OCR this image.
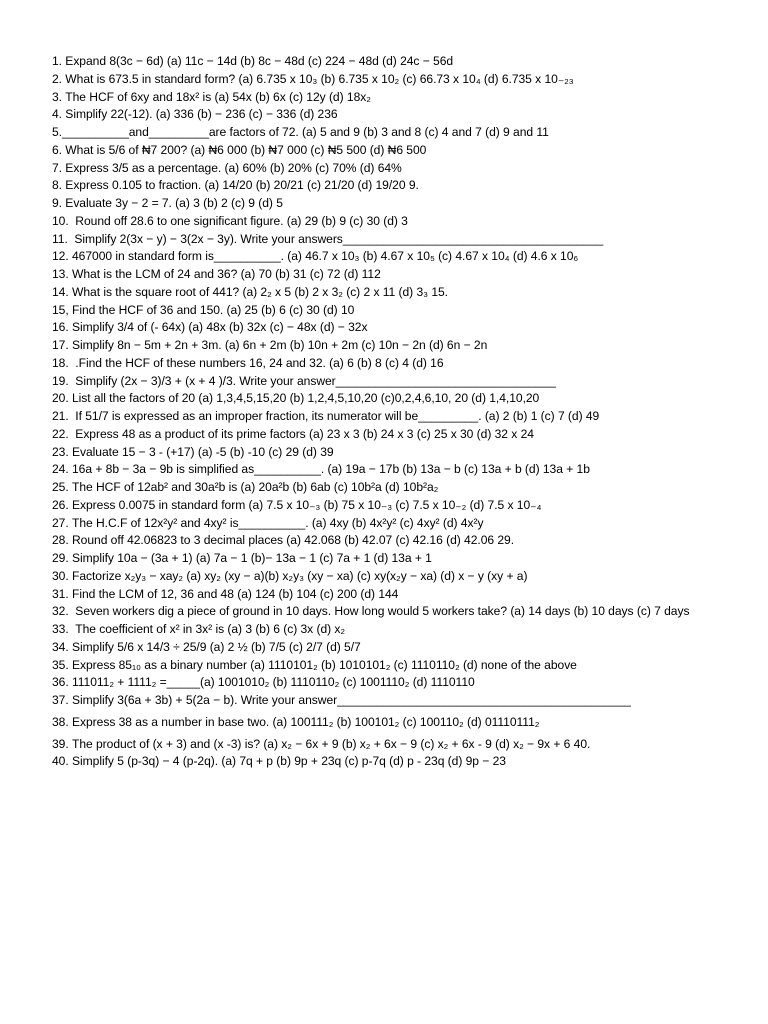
1. Expand 8(3c − 6d) (a) 11c − 14d (b) 8c − 48d (c) 224 − 48d (d) 24c − 56d
2. What is 673.5 in standard form? (a) 6.735 x 10₃ (b) 6.735 x 10₂ (c) 66.73 x 10₄ (d) 6.735 x 10₋₂₃
3. The HCF of 6xy and 18x² is (a) 54x (b) 6x (c) 12y (d) 18x₂
4. Simplify 22(-12). (a) 336 (b) − 236 (c) − 336 (d) 236
5. __________and_________are factors of 72. (a) 5 and 9 (b) 3 and 8 (c) 4 and 7 (d) 9 and 11
6. What is 5/6 of ₦7 200? (a) ₦6 000 (b) ₦7 000 (c) ₦5 500 (d) ₦6 500
7. Express 3/5 as a percentage. (a) 60% (b) 20% (c) 70% (d) 64%
8. Express 0.105 to fraction. (a) 14/20 (b) 20/21 (c) 21/20 (d) 19/20 9.
9. Evaluate 3y − 2 = 7. (a) 3 (b) 2 (c) 9 (d) 5
10. Round off 28.6 to one significant figure. (a) 29 (b) 9 (c) 30 (d) 3
11. Simplify 2(3x − y) − 3(2x − 3y). Write your answers_______________________________________
12. 467000 in standard form is__________. (a) 46.7 x 10₃ (b) 4.67 x 10₅ (c) 4.67 x 10₄ (d) 4.6 x 10₆
13. What is the LCM of 24 and 36? (a) 70 (b) 31 (c) 72 (d) 112
14. What is the square root of 441? (a) 2₂ x 5 (b) 2 x 3₂ (c) 2 x 11 (d) 3₃ 15.
15, Find the HCF of 36 and 150. (a) 25 (b) 6 (c) 30 (d) 10
16. Simplify 3/4 of (- 64x) (a) 48x (b) 32x (c) − 48x (d) − 32x
17. Simplify 8n − 5m + 2n + 3m. (a) 6n + 2m (b) 10n + 2m (c) 10n − 2n (d) 6n − 2n
18. .Find the HCF of these numbers 16, 24 and 32. (a) 6 (b) 8 (c) 4 (d) 16
19. Simplify (2x − 3)/3 + (x + 4 )/3. Write your answer_________________________________
20. List all the factors of 20 (a) 1,3,4,5,15,20 (b) 1,2,4,5,10,20 (c)0,2,4,6,10, 20 (d) 1,4,10,20
21. If 51/7 is expressed as an improper fraction, its numerator will be_________. (a) 2 (b) 1 (c) 7 (d) 49
22. Express 48 as a product of its prime factors (a) 23 x 3 (b) 24 x 3 (c) 25 x 30 (d) 32 x 24
23. Evaluate 15 − 3 - (+17) (a) -5 (b) -10 (c) 29 (d) 39
24. 16a + 8b − 3a − 9b is simplified as__________. (a) 19a − 17b (b) 13a − b (c) 13a + b (d) 13a + 1b
25. The HCF of 12ab² and 30a²b is (a) 20a²b (b) 6ab (c) 10b²a (d) 10b²a₂
26. Express 0.0075 in standard form (a) 7.5 x 10₋₃ (b) 75 x 10₋₃ (c) 7.5 x 10₋₂ (d) 7.5 x 10₋₄
27. The H.C.F of 12x²y² and 4xy² is__________. (a) 4xy (b) 4x²y² (c) 4xy² (d) 4x²y
28. Round off 42.06823 to 3 decimal places (a) 42.068 (b) 42.07 (c) 42.16 (d) 42.06 29.
29. Simplify 10a − (3a + 1) (a) 7a − 1 (b)− 13a − 1 (c) 7a + 1 (d) 13a + 1
30. Factorize x₂y₃ − xay₂ (a) xy₂ (xy − a)(b) x₂y₃ (xy − xa) (c) xy(x₂y − xa) (d) x − y (xy + a)
31. Find the LCM of 12, 36 and 48 (a) 124 (b) 104 (c) 200 (d) 144
32. Seven workers dig a piece of ground in 10 days. How long would 5 workers take? (a) 14 days (b) 10 days (c) 7 days
33. The coefficient of x² in 3x² is (a) 3 (b) 6 (c) 3x (d) x₂
34. Simplify 5/6 x 14/3 ÷ 25/9 (a) 2 ½ (b) 7/5 (c) 2/7 (d) 5/7
35. Express 85₁₀ as a binary number (a) 1110101₂ (b) 1010101₂ (c) 1110110₂ (d) none of the above
36. 111011₂ + 1111₂ =_____(a) 1001010₂ (b) 1110110₂ (c) 1001110₂ (d) 1110110
37. Simplify 3(6a + 3b) + 5(2a − b). Write your answer____________________________________________
38. Express 38 as a number in base two. (a) 100111₂ (b) 100101₂ (c) 100110₂ (d) 01110111₂
39. The product of (x + 3) and (x -3) is? (a) x₂ − 6x + 9 (b) x₂ + 6x − 9 (c) x₂ + 6x - 9 (d) x₂ − 9x + 6 40.
40. Simplify 5 (p-3q) − 4 (p-2q). (a) 7q + p (b) 9p + 23q (c) p-7q (d) p - 23q (d) 9p − 23
